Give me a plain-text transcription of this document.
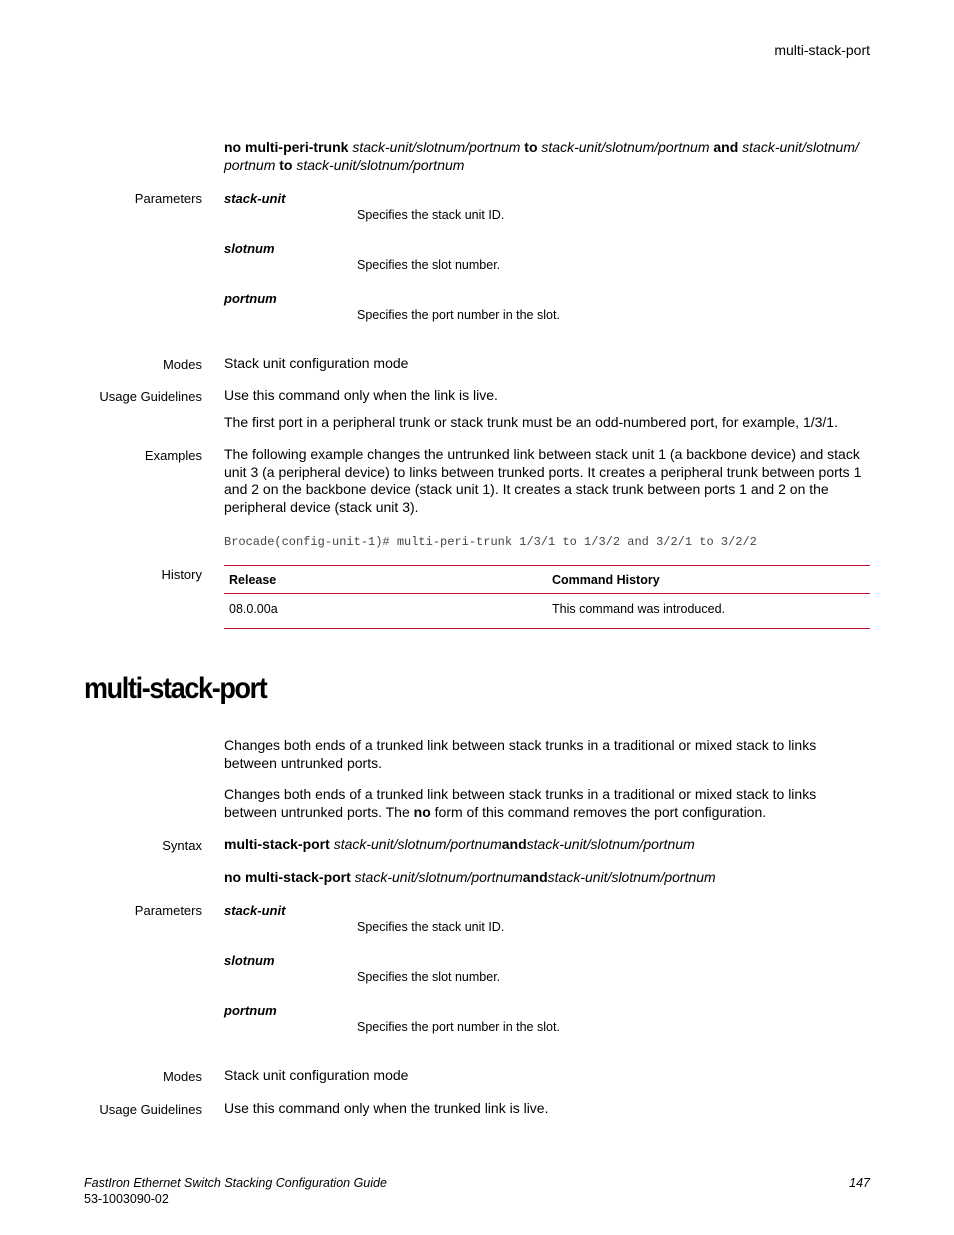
multi-stack-port
no multi-peri-trunk stack-unit/slotnum/portnum to stack-unit/slotnum/portnum and stack-unit/slotnum/
portnum to stack-unit/slotnum/portnum
Parameters stack-unit
Specifies the stack unit ID.
slotnum
Specifies the slot number.
portnum
Specifies the port number in the slot.
Modes Stack unit configuration mode
Usage Guidelines Use this command only when the link is live.
The first port in a peripheral trunk or stack trunk must be an odd-numbered port, for example, 1/3/1.
Examples The following example changes the untrunked link between stack unit 1 (a backbone device) and stack unit 3 (a peripheral device) to links between trunked ports. It creates a peripheral trunk between ports 1 and 2 on the backbone device (stack unit 1). It creates a stack trunk between ports 1 and 2 on the peripheral device (stack unit 3).
Brocade(config-unit-1)# multi-peri-trunk 1/3/1 to 1/3/2 and 3/2/1 to 3/2/2
History Release	Command History
08.0.00a	This command was introduced.
multi-stack-port
Changes both ends of a trunked link between stack trunks in a traditional or mixed stack to links between untrunked ports.
Changes both ends of a trunked link between stack trunks in a traditional or mixed stack to links between untrunked ports. The no form of this command removes the port configuration.
Syntax multi-stack-port stack-unit/slotnum/portnumandstack-unit/slotnum/portnum
no multi-stack-port stack-unit/slotnum/portnumandstack-unit/slotnum/portnum
Parameters stack-unit
Specifies the stack unit ID.
slotnum
Specifies the slot number.
portnum
Specifies the port number in the slot.
Modes Stack unit configuration mode
Usage Guidelines Use this command only when the trunked link is live.
FastIron Ethernet Switch Stacking Configuration Guide
53-1003090-02
147
